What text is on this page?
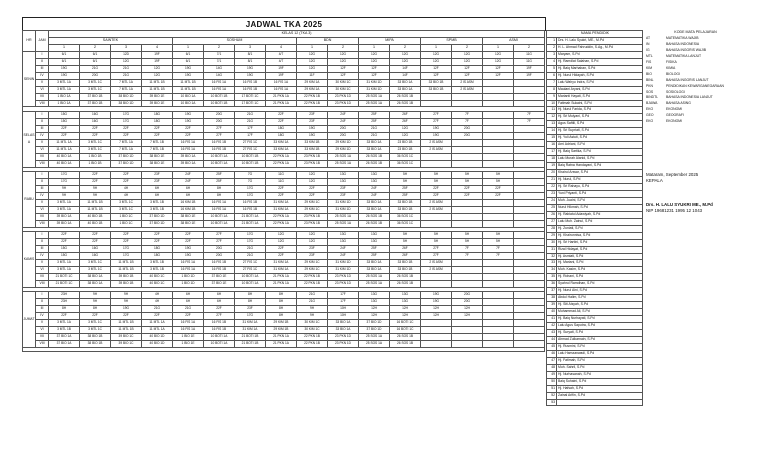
JADWAL TKA 2025
HR	JAM	KELAS 12 (TKA 3)															
		SAINTEK				SOSHUM				BDN		MIPA		SPMB		ASMI	
		1	2	3	4	1	2	3	4	1	2	1	2	1	2	1	2
SENIN	I	6/1	6/1	12D	19F	6/1	7/1	8/1	4/7	12G	12G	12G	12G	12G	12G	12G	11G
	II	6/1	6/1	12G	19F	6/1	7/1	8/1	4/7	12G	12G	12G	12G	12G	12G	12G	11G
	III	19G	21G	21G	12G	19G	14G	19G	19F	12G	12F	12F	14F	12F	12F	12F	19F
	IV	19G	20G	21G	12G	19G	14G	19G	19F	11F	12F	12F	14F	12F	12F	12F	19F
	V	3 MTL 1A	3 MTL 1C	7 MTL 1A	11 MTL 1B	11 MTL 1B	16 FIS 1A	16 FIS 1B	16 FIS 1A	29 KIM 1A	30 KIM 1C	31 KIM 1D	33 BIO 1A	33 BIO 1B	2 IS ASM		
	VI	3 MTL 1A	3 MTL 1C	7 MTL 1A	11 MTL 1B	11 MTL 1B	16 FIS 1A	16 FIS 1B	16 FIS 1A	29 KIM 1A	30 KIM 1C	31 KIM 1D	33 BIO 1A	33 BIO 1B	2 IS ASM		
	VII	1 BIO 1A	37 BIO 1B	38 BIO 1D	39 BIO 1E	10 BIO 1A	10 BOTI 1B	17 BOTI 1C	21 PKN 1A	22 PKN 1B	23 PKN 1D	25 SOS 1A	26 SOS 1B				
	VIII	1 BIO 1A	37 BIO 1B	38 BIO 1D	39 BIO 1E	10 BIO 1A	10 BOTI 1B	17 BOTI 1C	21 PKN 1A	22 PKN 1B	23 PKN 1D	25 SOS 1A	26 SOS 1B				

SELASA	I	15G	16G	17G	18G	19G	20G	21G	22F	23F	24F	25F	26F	27F	7F		7F
	II	15G	16G	17G	18G	19G	20G	21G	22F	23F	24F	25F	26F	27F	7F		7F
	III	22F	22F	22F	22F	22F	27F	17F	18G	19G	20G	21G	12G	19G	20G		
	IV	22F	22F	22F	22F	22F	27F	17F	18G	19G	20G	21G	12G	19G	20G		
	V	11 MTL 1A	3 MTL 1C	7 MTL 1A	7 MTL 1B	16 FIS 1A	16 FIS 1B	27 FIS 1C	33 KIM 1A	33 KIM 1B	29 KIM 1D	33 BIO 1A	23 BIO 1B	2 IS ASM			
	VI	11 MTL 1A	3 MTL 1C	7 MTL 1A	7 MTL 1B	16 FIS 1A	16 FIS 1B	27 FIS 1C	33 KIM 1A	33 KIM 1B	29 KIM 1D	33 BIO 1A	23 BIO 1B	2 IS ASM			
	VII	40 BIO 1A	1 BIO 1B	37 BIO 1D	38 BIO 1E	39 BIO 1A	10 BOTI 1A	10 BOTI 1B	22 PKN 1A	23 PKN 1B	25 SOS 1A	26 SOS 1B	36 SOS 1C				
	VIII	40 BIO 1A	1 BIO 1B	37 BIO 1D	38 BIO 1E	39 BIO 1A	10 BOTI 1A	10 BOTI 1B	22 PKN 1A	23 PKN 1B	25 SOS 1A	26 SOS 1B	36 SOS 1C				

RABU	I	17G	22F	22F	23F	24F	25F	7G	11G	12G	13G	13G	5H	5H	5H	5H	
	II	17G	22F	22F	23F	24F	25F	7G	11G	12G	13G	13G	5H	5H	5H	5H	
	III	9H	9H	4H	6H	6H	8H	17G	22F	22F	23F	24F	25F	22F	22F	22F	
	IV	9H	9H	4H	6H	6H	8H	17G	22F	22F	23F	24F	25F	22F	22F	22F	
	V	3 MTL 1A	11 MTL 1B	3 MTL 1C	3 MTL 1B	16 KIM 1B	16 FIS 1A	16 FIS 1B	31 KIM 1A	29 KIM 1C	31 KIM 1D	33 BIO 1A	33 BIO 1B	2 IS ASM			
	VI	3 MTL 1A	11 MTL 1B	3 MTL 1C	3 MTL 1B	16 KIM 1B	16 FIS 1A	16 FIS 1B	31 KIM 1A	29 KIM 1C	31 KIM 1D	33 BIO 1A	33 BIO 1B	2 IS ASM			
	VII	39 BIO 1A	40 BIO 1B	1 BIO 1C	37 BIO 1D	38 BIO 1E	10 BOTI 1A	21 BOTI 1A	22 PKN 1A	23 PKN 1B	25 SOS 1A	26 SOS 1B	36 SOS 1C				
	VIII	39 BIO 1A	40 BIO 1B	1 BIO 1C	37 BIO 1D	38 BIO 1E	10 BOTI 1A	21 BOTI 1A	22 PKN 1A	23 PKN 1B	25 SOS 1A	26 SOS 1B	36 SOS 1C				

KAMIS	I	22F	22F	22F	22F	22F	27F	17G	12G	12G	13G	13G	5H	5H	5H	5H	
	II	22F	22F	22F	22F	22F	27F	17G	12G	12G	13G	13G	5H	5H	5H	5H	
	III	15G	16G	17G	18G	19G	20G	21G	22F	23F	24F	25F	26F	27F	7F	7F	
	IV	15G	16G	17G	18G	19G	20G	21G	22F	23F	24F	25F	26F	27F	7F	7F	
	V	3 MTL 1A	3 MTL 1C	11 MTL 1B	3 MTL 1B	16 FIS 1A	16 FIS 1B	27 FIS 1C	31 KIM 1A	29 KIM 1C	31 KIM 1D	33 BIO 1A	33 BIO 1B	2 IS ASM			
	VI	3 MTL 1A	3 MTL 1C	11 MTL 1B	3 MTL 1B	16 FIS 1A	16 FIS 1B	27 FIS 1C	31 KIM 1A	29 KIM 1C	31 KIM 1D	33 BIO 1A	33 BIO 1B	2 IS ASM			
	VII	21 BOTI 1C	38 BIO 1A	39 BIO 1B	40 BIO 1C	1 BIO 1D	37 BIO 1E	10 BOTI 1A	21 PKN 1A	22 PKN 1B	23 PKN 1D	25 SOS 1A	26 SOS 1B				
	VIII	21 BOTI 1C	38 BIO 1A	39 BIO 1B	40 BIO 1C	1 BIO 1D	37 BIO 1E	10 BOTI 1A	21 PKN 1A	22 PKN 1B	23 PKN 1D	25 SOS 1A	26 SOS 1B				

JUMAT	I	23H	9H	9H	4H	6H	6H	8H	8H	21G	17F	13G	13G	19G	20G		
	II	23H	9H	9H	4H	6H	6H	8H	8H	21G	17F	13G	13G	19G	20G		
	III	8H	8H	19G	21G	21G	22F	23F	8H	9H	10H	12H	12H	12H	12H		
	IV	22F	22F	22F	22F	22F	27F	17G	8H	9H	10H	12H	12H	12H	12H		
	V	3 MTL 1A	3 MTL 1C	11 MTL 1B	11 MTL 1A	16 FIS 1A	16 FIS 1B	31 KIM 1A	29 KIM 1B	30 KIM 1C	33 BIO 1A	37 BIO 1D	16 BOTI 1C				
	VI	3 MTL 1B	3 MTL 1C	11 MTL 1B	11 MTL 1A	16 FIS 1A	16 FIS 1B	31 KIM 1A	29 KIM 1B	30 KIM 1C	33 BIO 1A	37 BIO 1D	16 BOTI 1C				
	VII	37 BIO 1A	38 BIO 1B	39 BIO 1C	40 BIO 1D	1 BIO 1E	10 BOTI 1A	21 BOTI 1B	21 PKN 1A	22 PKN 1B	23 PKN 1D	25 SOS 1A	26 SOS 1B				
	VIII	37 BIO 1A	38 BIO 1B	39 BIO 1C	40 BIO 1D	1 BIO 1E	10 BOTI 1A	21 BOTI 1B	21 PKN 1A	22 PKN 1B	23 PKN 1D	25 SOS 1A	26 SOS 1B				

NAMA PENDIDIK	
1	Drs. H. Lalu Syukri, ME., M.Pd
2	H. L. Ahmad Fahruddin, S.Ag., M.Pd
3	Maryam, S.Pd
4	Hj. Ramdlat Salahan, S.Pd
5	Hj. Baiq Marhaban, S.Pd
6	Hj. Nurul Hidayah, S.Pd
7	Lalu Wahyu Indra, S.Pd
8	Maulani Aryani, S.Pd
9	Marianti Hayati, S.Pd
10	Fatimah Sukaini, S.Pd
11	Hj. Nurul Farida, S.Pd
12	Hj. Sri Mulyani, S.Pd
13	Agus Saftili, S.Pd
14	Hj. Sri Supriati, S.Pd
15	Hj. Yuli Astuti, S.Pd
16	Arni Adriani, S.Pd
17	Hj. Baiq Sartika, S.Pd
18	Lalu Murah Alanid, S.Pd
19	Baiq Ratna Handayani, S.Pd
20	Khairul Anwar, S.Pd
21	Hj. Nurul, S.Pd
22	Hj. Sri Rahayu, S.Pd
23	Yuni Priyanti, S.Pd
24	Muh. Juaini, S.Pd
25	Nurul Hikmah, S.Pd
26	Hj. Rabiatul Adawiyah, S.Pd
27	Lalu Muh. Zainul, S.Pd
28	Hj. Zuniati, S.Pd
29	Hj. Khairunnisa, S.Pd
30	Hj. Sri Hartini, S.Pd
31	Rizal Hidayat, S.Pd
32	Hj. Asmiati, S.Pd
33	Hj. Mariani, S.Pd
34	Muh. Kasim, S.Pd
35	Hj. Rohani, S.Pd
36	Syahrul Ramdhan, S.Pd
37	Hj. Nurul Aini, S.Pd
38	Abdul Halim, S.Pd
39	Hj. Siti Aisyah, S.Pd
40	Muhammad Ali, S.Pd
41	Hj. Baiq Nurhayati, S.Pd
42	Lalu Agus Saputra, S.Pd
43	Hj. Suryati, S.Pd
44	Ahmad Zulkarnain, S.Pd
45	Hj. Rusmini, S.Pd
46	Lalu Hamzanwadi, S.Pd
47	Hj. Fatimah, S.Pd
48	Muh. Sahril, S.Pd
49	Hj. Nurhasanah, S.Pd
50	Baiq Suhaini, S.Pd
51	Hj. Hafsah, S.Pd
52	Zainal Arifin, S.Pd
53	
KODE MATA PELAJARAN	
AT	MATEMATIKA WAJIB
IN	BAHASA INDONESIA
IG	BAHASA INGGRIS WAJIB
MTL	MATEMATIKA LANJUT
FIS	FISIKA
KIM	KIMIA
BIO	BIOLOGI
BINL	BAHASA INGGRIS LANJUT
PKN	PENDIDIKAN KEWARGANEGARAAN
SOS	SOSIOLOGI
BINDTL	BAHASA INDONESIA LANJUT
BJAWA	BAHASA ASING
EKO	EKONOMI
GEO	GEOGRAFI
EKO	EKONOMI
Mataram, September 2025
KEPALA
Drs. H. LALU SYUKRI ME., M.Pd
NIP 19681231 1995 12 1043
